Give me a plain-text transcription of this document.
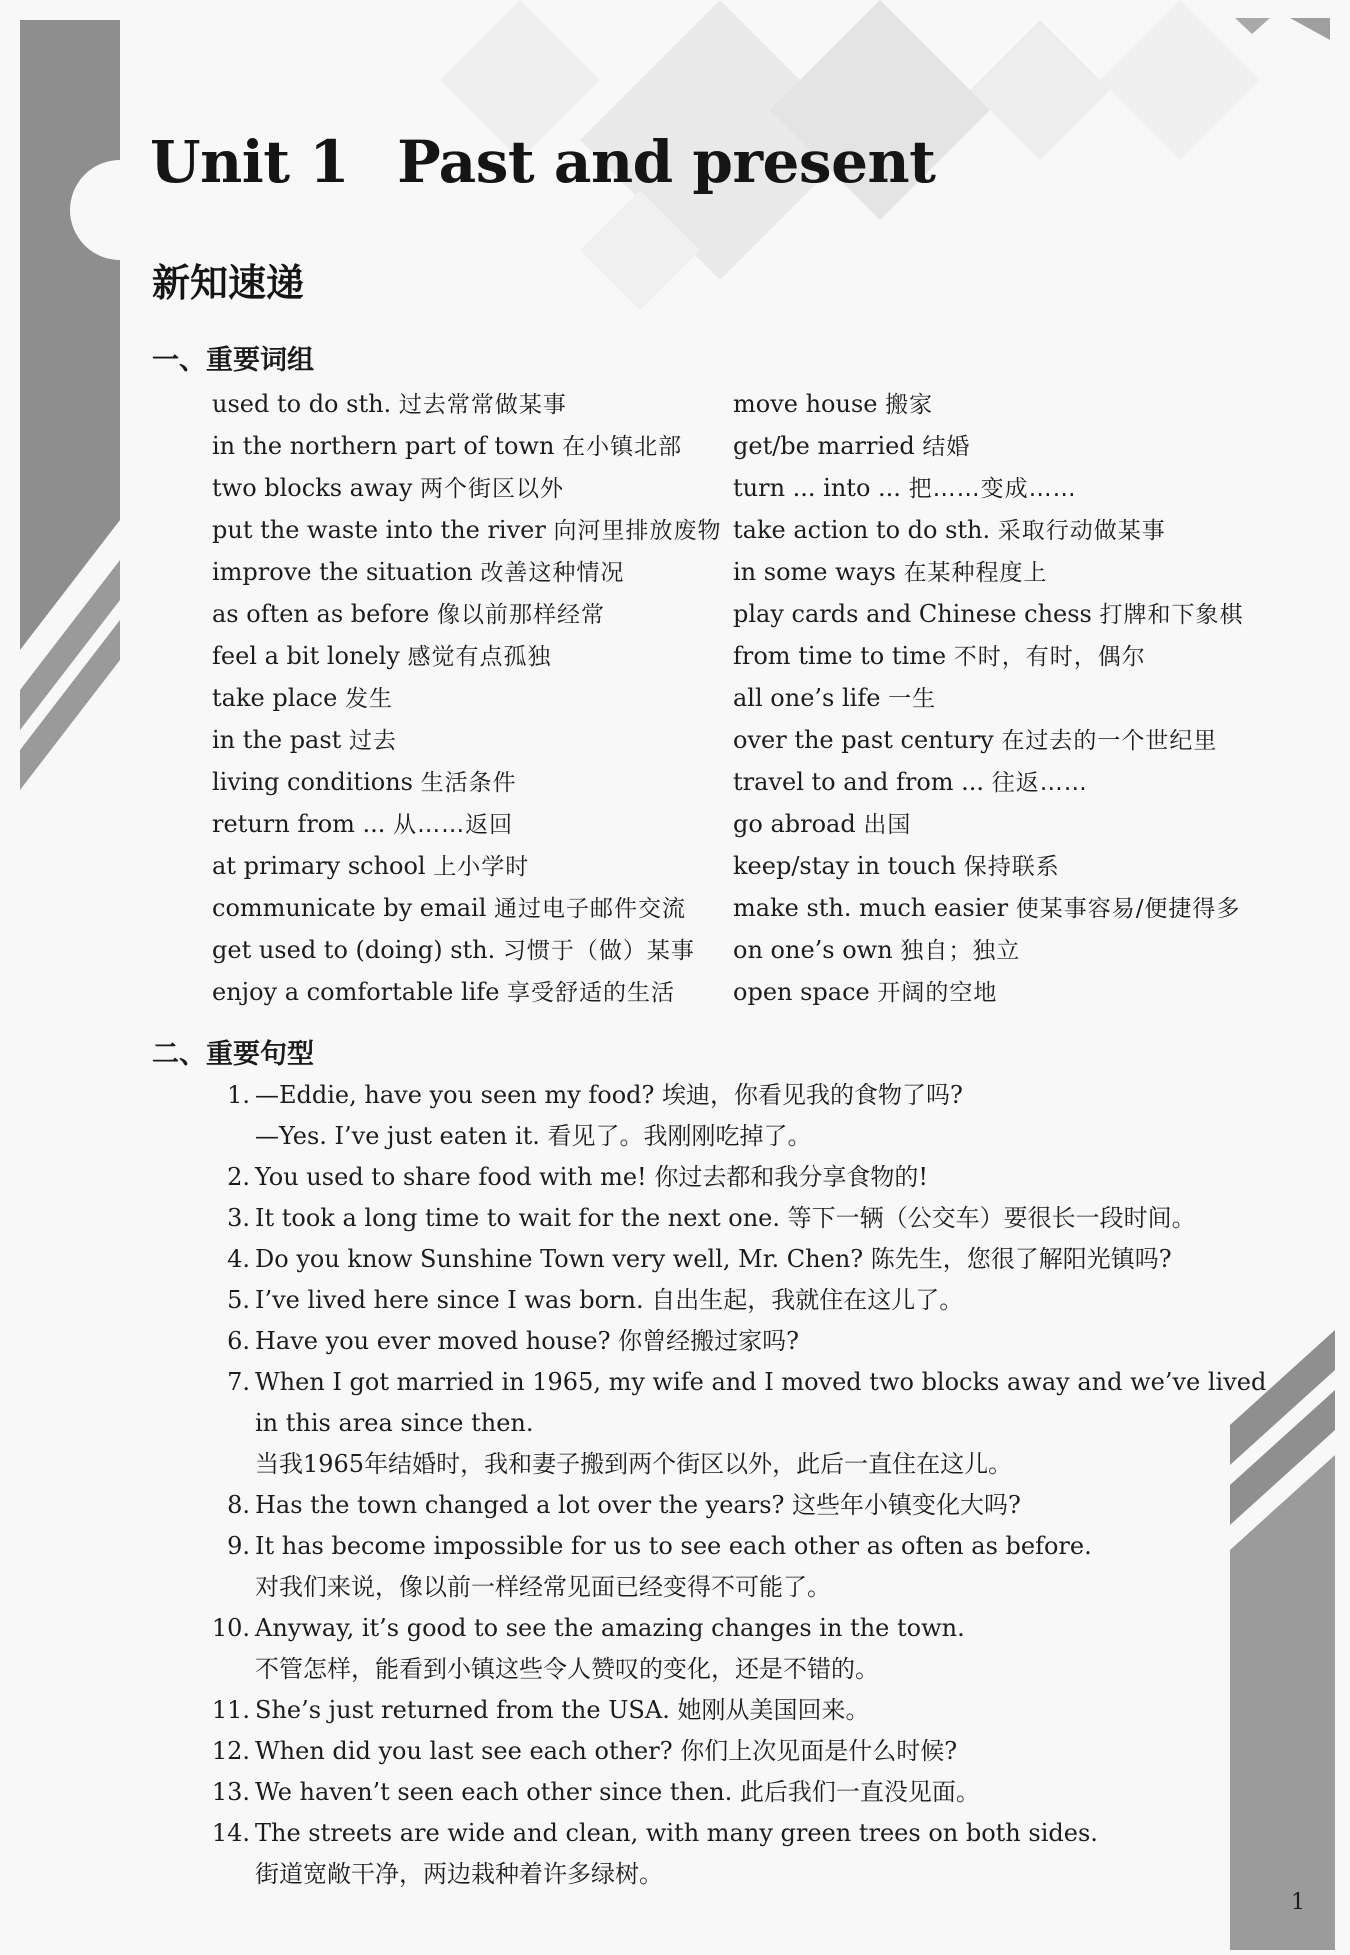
Unit 1 Past and present
新知速递
一、重要词组
used to do sth. 过去常常做某事
in the northern part of town 在小镇北部
two blocks away 两个街区以外
put the waste into the river 向河里排放废物
improve the situation 改善这种情况
as often as before 像以前那样经常
feel a bit lonely 感觉有点孤独
take place 发生
in the past 过去
living conditions 生活条件
return from ... 从……返回
at primary school 上小学时
communicate by email 通过电子邮件交流
get used to (doing) sth. 习惯于（做）某事
enjoy a comfortable life 享受舒适的生活
move house 搬家
get/be married 结婚
turn ... into ... 把……变成……
take action to do sth. 采取行动做某事
in some ways 在某种程度上
play cards and Chinese chess 打牌和下象棋
from time to time 不时，有时，偶尔
all one’s life 一生
over the past century 在过去的一个世纪里
travel to and from ... 往返……
go abroad 出国
keep/stay in touch 保持联系
make sth. much easier 使某事容易/便捷得多
on one’s own 独自；独立
open space 开阔的空地
二、重要句型
1. —Eddie, have you seen my food? 埃迪，你看见我的食物了吗?
—Yes. I’ve just eaten it. 看见了。我刚刚吃掉了。
2. You used to share food with me! 你过去都和我分享食物的!
3. It took a long time to wait for the next one. 等下一辆（公交车）要很长一段时间。
4. Do you know Sunshine Town very well, Mr. Chen? 陈先生，您很了解阳光镇吗?
5. I’ve lived here since I was born. 自出生起，我就住在这儿了。
6. Have you ever moved house? 你曾经搬过家吗?
7. When I got married in 1965, my wife and I moved two blocks away and we’ve lived
in this area since then.
当我1965年结婚时，我和妻子搬到两个街区以外，此后一直住在这儿。
8. Has the town changed a lot over the years? 这些年小镇变化大吗?
9. It has become impossible for us to see each other as often as before.
对我们来说，像以前一样经常见面已经变得不可能了。
10. Anyway, it’s good to see the amazing changes in the town.
不管怎样，能看到小镇这些令人赞叹的变化，还是不错的。
11. She’s just returned from the USA. 她刚从美国回来。
12. When did you last see each other? 你们上次见面是什么时候?
13. We haven’t seen each other since then. 此后我们一直没见面。
14. The streets are wide and clean, with many green trees on both sides.
街道宽敞干净，两边栽种着许多绿树。
1
